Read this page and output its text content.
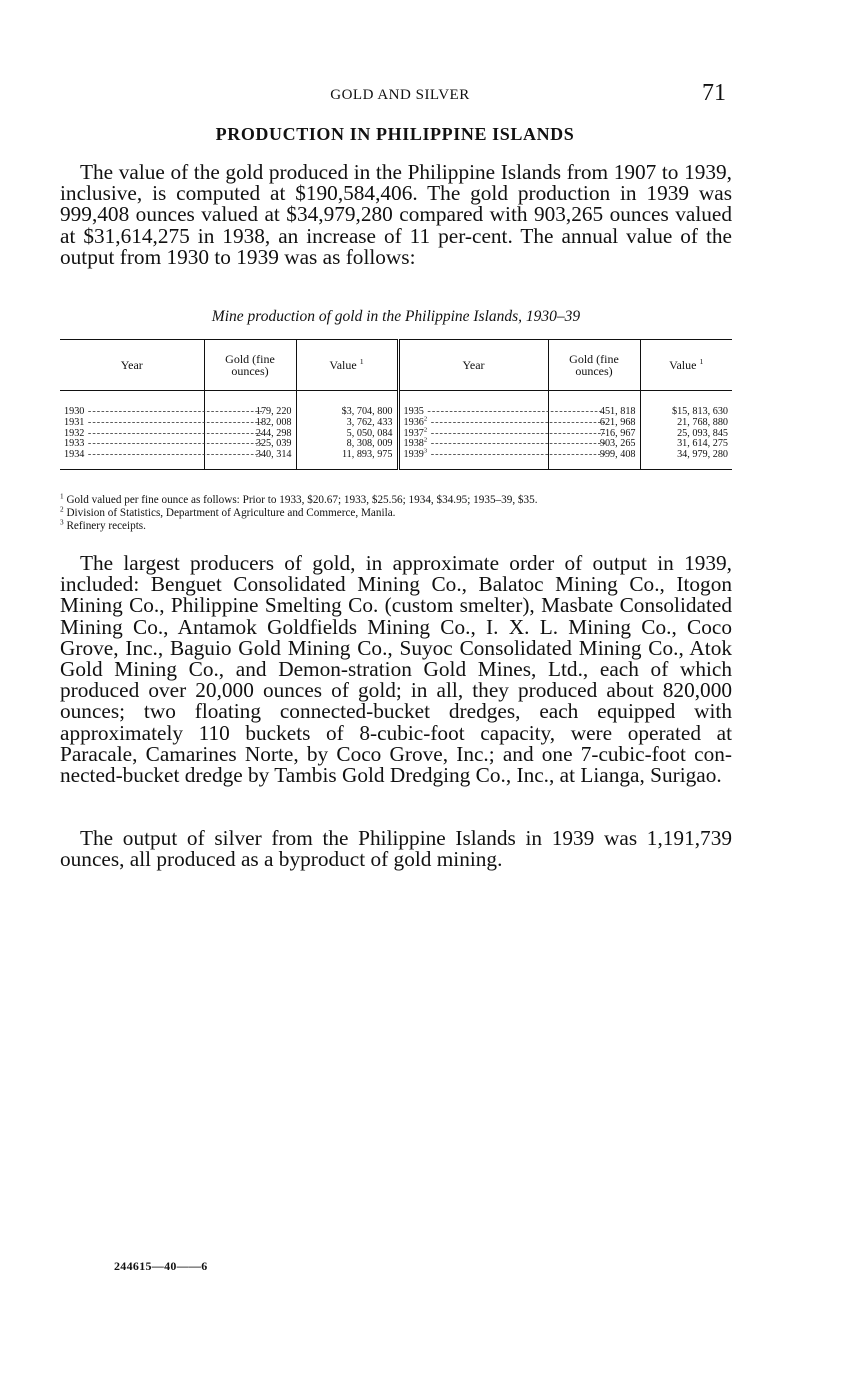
GOLD AND SILVER	71
PRODUCTION IN PHILIPPINE ISLANDS

The value of the gold produced in the Philippine Islands from 1907 to 1939, inclusive, is computed at $190,584,406. The gold production in 1939 was 999,408 ounces valued at $34,979,280 compared with 903,265 ounces valued at $31,614,275 in 1938, an increase of 11 per-cent. The annual value of the output from 1930 to 1939 was as follows:

Mine production of gold in the Philippine Islands, 1930–39
Year	Gold (fine ounces)	Value $^1$	Year	Gold (fine ounces)	Value $^1$
1930 ----------------------------------------	179, 220	$3, 704, 800	1935 ----------------------------------------	451, 818	$15, 813, 630
1931 ----------------------------------------	182, 008	3, 762, 433	1936$^2$ ----------------------------------------	621, 968	21, 768, 880
1932 ----------------------------------------	244, 298	5, 050, 084	1937$^2$ ----------------------------------------	716, 967	25, 093, 845
1933 ----------------------------------------	325, 039	8, 308, 009	1938$^2$ ----------------------------------------	903, 265	31, 614, 275
1934 ----------------------------------------	340, 314	11, 893, 975	1939$^3$ ----------------------------------------	999, 408	34, 979, 280
$^1$ Gold valued per fine ounce as follows: Prior to 1933, $20.67; 1933, $25.56; 1934, $34.95; 1935–39, $35.
$^2$ Division of Statistics, Department of Agriculture and Commerce, Manila.
$^3$ Refinery receipts.

The largest producers of gold, in approximate order of output in 1939, included: Benguet Consolidated Mining Co., Balatoc Mining Co., Itogon Mining Co., Philippine Smelting Co. (custom smelter), Masbate Consolidated Mining Co., Antamok Goldfields Mining Co., I. X. L. Mining Co., Coco Grove, Inc., Baguio Gold Mining Co., Suyoc Consolidated Mining Co., Atok Gold Mining Co., and Demon-stration Gold Mines, Ltd., each of which produced over 20,000 ounces of gold; in all, they produced about 820,000 ounces; two floating connected-bucket dredges, each equipped with approximately 110 buckets of 8-cubic-foot capacity, were operated at Paracale, Camarines Norte, by Coco Grove, Inc.; and one 7-cubic-foot con-nected-bucket dredge by Tambis Gold Dredging Co., Inc., at Lianga, Surigao.

The output of silver from the Philippine Islands in 1939 was 1,191,739 ounces, all produced as a byproduct of gold mining.

244615—40——6
